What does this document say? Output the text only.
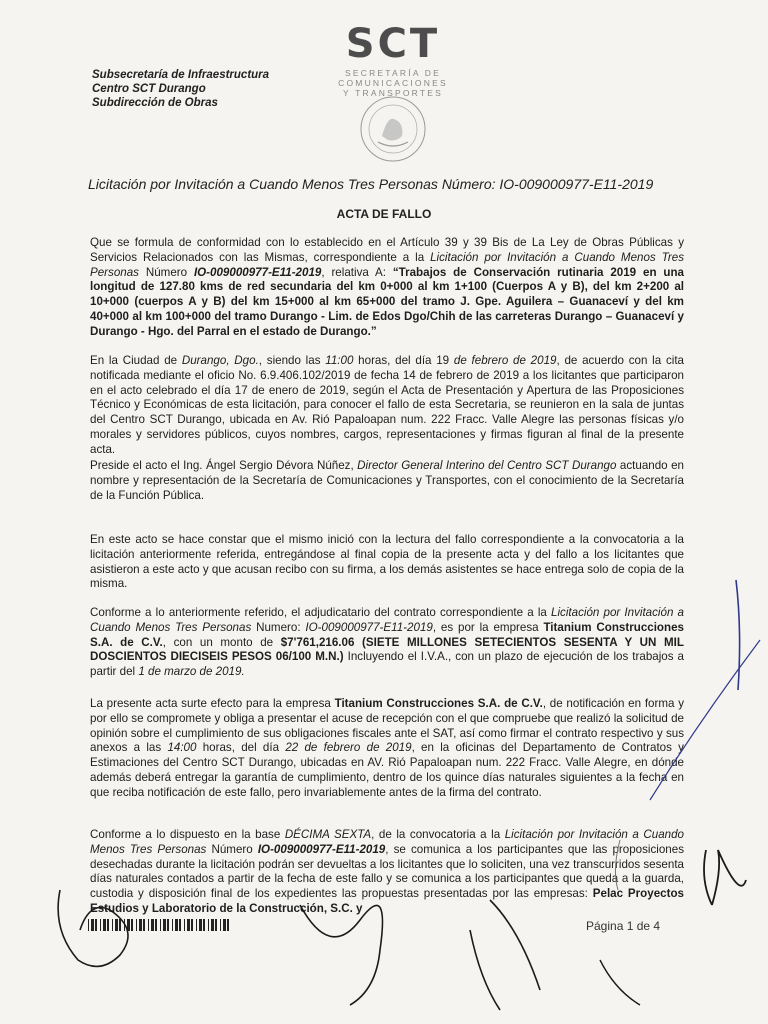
Subsecretaría de Infraestructura
Centro SCT Durango
Subdirección de Obras
SCT
SECRETARÍA DE COMUNICACIONES
Y TRANSPORTES
Licitación por Invitación a Cuando Menos Tres Personas Número: IO-009000977-E11-2019
ACTA DE FALLO
Que se formula de conformidad con lo establecido en el Artículo 39 y 39 Bis de La Ley de Obras Públicas y Servicios Relacionados con las Mismas, correspondiente a la Licitación por Invitación a Cuando Menos Tres Personas Número IO-009000977-E11-2019, relativa A: “Trabajos de Conservación rutinaria 2019 en una longitud de 127.80 kms de red secundaria del km 0+000 al km 1+100 (Cuerpos A y B), del km 2+200 al 10+000 (cuerpos A y B) del km 15+000 al km 65+000 del tramo J. Gpe. Aguilera – Guanaceví y del km 40+000 al km 100+000 del tramo Durango - Lim. de Edos Dgo/Chih de las carreteras Durango – Guanaceví y Durango - Hgo. del Parral en el estado de Durango.”
En la Ciudad de Durango, Dgo., siendo las 11:00 horas, del día 19 de febrero de 2019, de acuerdo con la cita notificada mediante el oficio No. 6.9.406.102/2019 de fecha 14 de febrero de 2019 a los licitantes que participaron en el acto celebrado el día 17 de enero de 2019, según el Acta de Presentación y Apertura de las Proposiciones Técnico y Económicas de esta licitación, para conocer el fallo de esta Secretaria, se reunieron en la sala de juntas del Centro SCT Durango, ubicada en Av. Rió Papaloapan num. 222 Fracc. Valle Alegre las personas físicas y/o morales y servidores públicos, cuyos nombres, cargos, representaciones y firmas figuran al final de la presente acta.
Preside el acto el Ing. Ángel Sergio Dévora Núñez, Director General Interino del Centro SCT Durango actuando en nombre y representación de la Secretaría de Comunicaciones y Transportes, con el conocimiento de la Secretaría de la Función Pública.
En este acto se hace constar que el mismo inició con la lectura del fallo correspondiente a la convocatoria a la licitación anteriormente referida, entregándose al final copia de la presente acta y del fallo a los licitantes que asistieron a este acto y que acusan recibo con su firma, a los demás asistentes se hace entrega solo de copia de la misma.
Conforme a lo anteriormente referido, el adjudicatario del contrato correspondiente a la Licitación por Invitación a Cuando Menos Tres Personas Numero: IO-009000977-E11-2019, es por la empresa Titanium Construcciones S.A. de C.V., con un monto de $7'761,216.06 (SIETE MILLONES SETECIENTOS SESENTA Y UN MIL DOSCIENTOS DIECISEIS PESOS 06/100 M.N.) Incluyendo el I.V.A., con un plazo de ejecución de los trabajos a partir del 1 de marzo de 2019.
La presente acta surte efecto para la empresa Titanium Construcciones S.A. de C.V., de notificación en forma y por ello se compromete y obliga a presentar el acuse de recepción con el que compruebe que realizó la solicitud de opinión sobre el cumplimiento de sus obligaciones fiscales ante el SAT, así como firmar el contrato respectivo y sus anexos a las 14:00 horas, del día 22 de febrero de 2019, en la oficinas del Departamento de Contratos y Estimaciones del Centro SCT Durango, ubicadas en AV. Rió Papaloapan num. 222 Fracc. Valle Alegre, en dónde además deberá entregar la garantía de cumplimiento, dentro de los quince días naturales siguientes a la fecha en que reciba notificación de este fallo, pero invariablemente antes de la firma del contrato.
Conforme a lo dispuesto en la base DÉCIMA SEXTA, de la convocatoria a la Licitación por Invitación a Cuando Menos Tres Personas Número IO-009000977-E11-2019, se comunica a los participantes que las proposiciones desechadas durante la licitación podrán ser devueltas a los licitantes que lo soliciten, una vez transcurridos sesenta días naturales contados a partir de la fecha de este fallo y se comunica a los participantes que queda a la guarda, custodia y disposición final de los expedientes las propuestas presentadas por las empresas: Pelac Proyectos Estudios y Laboratorio de la Construcción, S.C. y
Página 1 de 4
